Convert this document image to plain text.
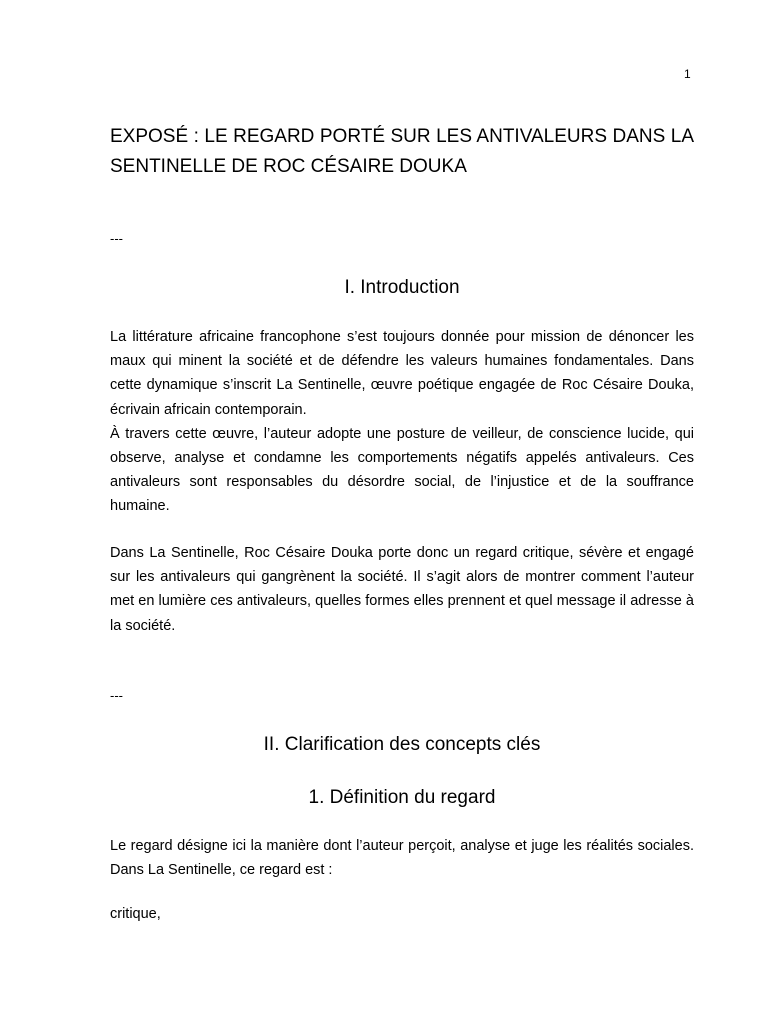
1
EXPOSÉ : LE REGARD PORTÉ SUR LES ANTIVALEURS DANS LA SENTINELLE DE ROC CÉSAIRE DOUKA
---
I. Introduction

La littérature africaine francophone s’est toujours donnée pour mission de dénoncer les maux qui minent la société et de défendre les valeurs humaines fondamentales. Dans cette dynamique s’inscrit La Sentinelle, œuvre poétique engagée de Roc Césaire Douka, écrivain africain contemporain.

À travers cette œuvre, l’auteur adopte une posture de veilleur, de conscience lucide, qui observe, analyse et condamne les comportements négatifs appelés antivaleurs. Ces antivaleurs sont responsables du désordre social, de l’injustice et de la souffrance humaine.

Dans La Sentinelle, Roc Césaire Douka porte donc un regard critique, sévère et engagé sur les antivaleurs qui gangrènent la société. Il s’agit alors de montrer comment l’auteur met en lumière ces antivaleurs, quelles formes elles prennent et quel message il adresse à la société.
---
II. Clarification des concepts clés
1. Définition du regard
Le regard désigne ici la manière dont l’auteur perçoit, analyse et juge les réalités sociales. Dans La Sentinelle, ce regard est :
critique,
